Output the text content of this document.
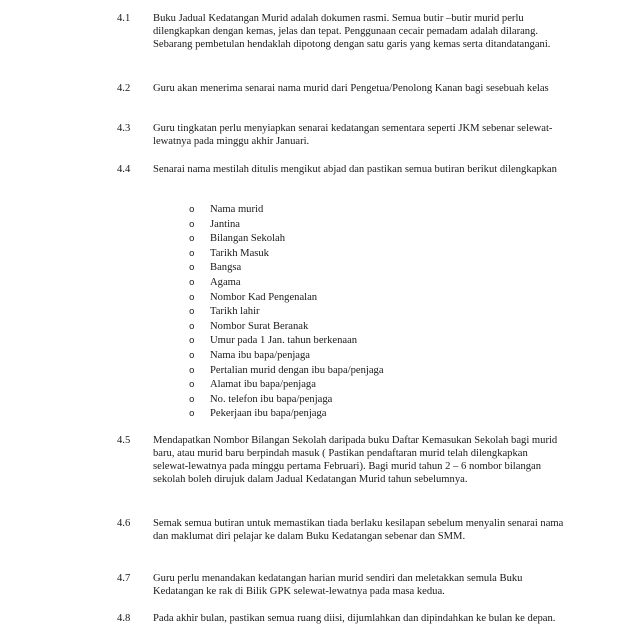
4.1 Buku Jadual Kedatangan Murid adalah dokumen rasmi. Semua butir –butir murid perlu dilengkapkan dengan kemas, jelas dan tepat. Penggunaan cecair pemadam adalah dilarang. Sebarang pembetulan hendaklah dipotong dengan satu garis yang kemas serta ditandatangani.

4.2 Guru akan menerima senarai nama murid dari Pengetua/Penolong Kanan bagi sesebuah kelas

4.3 Guru tingkatan perlu menyiapkan senarai kedatangan sementara seperti JKM sebenar selewat-lewatnya pada minggu akhir Januari.

4.4 Senarai nama mestilah ditulis mengikut abjad dan pastikan semua butiran berikut dilengkapkan

o Nama murid
o Jantina
o Bilangan Sekolah
o Tarikh Masuk
o Bangsa
o Agama
o Nombor Kad Pengenalan
o Tarikh lahir
o Nombor Surat Beranak
o Umur pada 1 Jan. tahun berkenaan
o Nama ibu bapa/penjaga
o Pertalian murid dengan ibu bapa/penjaga
o Alamat ibu bapa/penjaga
o No. telefon ibu bapa/penjaga
o Pekerjaan ibu bapa/penjaga
4.5 Mendapatkan Nombor Bilangan Sekolah daripada buku Daftar Kemasukan Sekolah bagi murid baru, atau murid baru berpindah masuk ( Pastikan pendaftaran murid telah dilengkapkan selewat-lewatnya pada minggu pertama Februari). Bagi murid tahun 2 – 6 nombor bilangan sekolah boleh dirujuk dalam Jadual Kedatangan Murid tahun sebelumnya.

4.6 Semak semua butiran untuk memastikan tiada berlaku kesilapan sebelum menyalin senarai nama dan maklumat diri pelajar ke dalam Buku Kedatangan sebenar dan SMM.

4.7 Guru perlu menandakan kedatangan harian murid sendiri dan meletakkan semula Buku Kedatangan ke rak di Bilik GPK selewat-lewatnya pada masa kedua.

4.8 Pada akhir bulan, pastikan semua ruang diisi, dijumlahkan dan dipindahkan ke bulan ke depan.
